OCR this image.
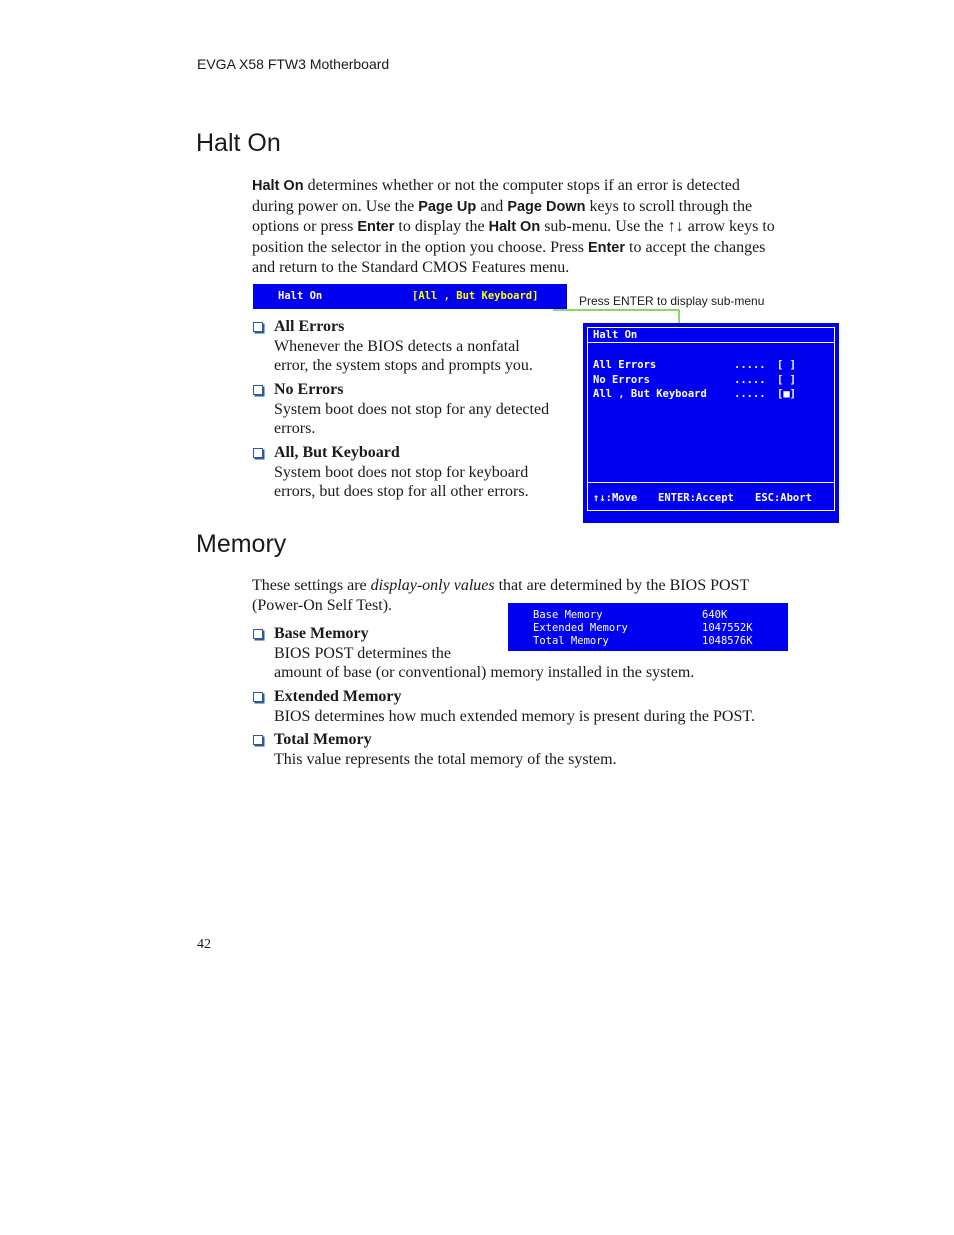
EVGA X58 FTW3 Motherboard
Halt On
Halt On determines whether or not the computer stops if an error is detected during power on. Use the Page Up and Page Down keys to scroll through the options or press Enter to display the Halt On sub-menu. Use the ↑↓ arrow keys to position the selector in the option you choose. Press Enter to accept the changes and return to the Standard CMOS Features menu.
Halt On	[All , But Keyboard]	Press ENTER to display sub-menu
Halt On
All Errors	..... [ ]
No Errors	..... [ ]
All , But Keyboard	..... [■]
↑↓:Move ENTER:Accept ESC:Abort
All Errors
Whenever the BIOS detects a nonfatal error, the system stops and prompts you.
No Errors
System boot does not stop for any detected errors.
All, But Keyboard
System boot does not stop for keyboard errors, but does stop for all other errors.
Memory
These settings are display-only values that are determined by the BIOS POST (Power-On Self Test).
Base Memory	640K
Extended Memory	1047552K
Total Memory	1048576K
Base Memory
BIOS POST determines the
amount of base (or conventional) memory installed in the system.
Extended Memory
BIOS determines how much extended memory is present during the POST.
Total Memory
This value represents the total memory of the system.
42
